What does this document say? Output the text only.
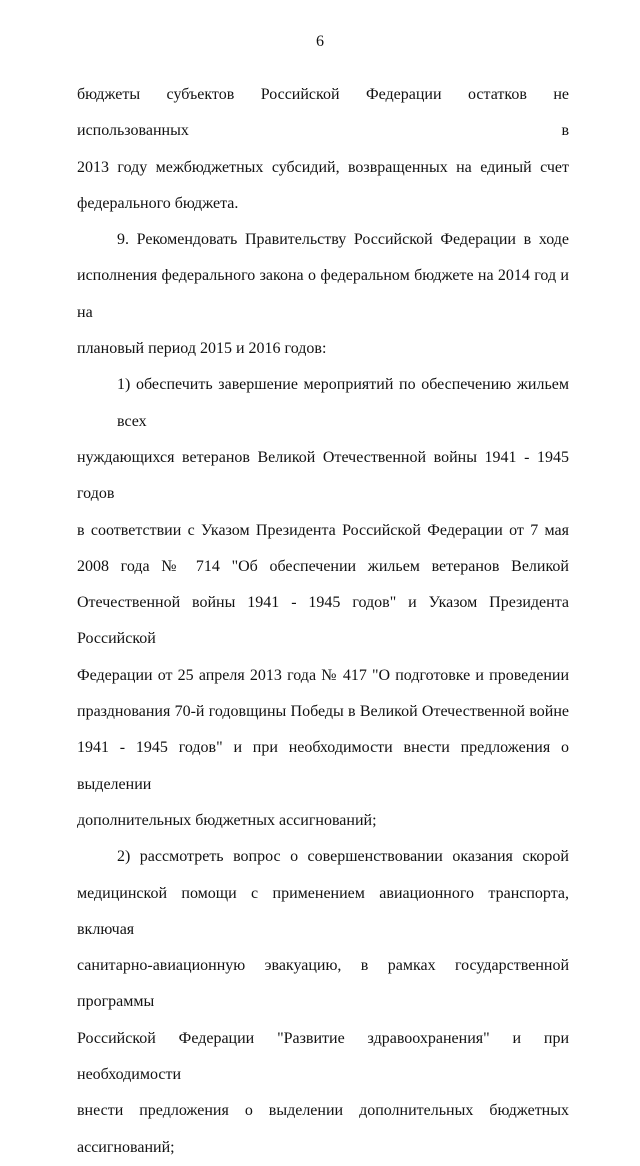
6
бюджеты субъектов Российской Федерации остатков не использованных в
2013 году межбюджетных субсидий, возвращенных на единый счет
федерального бюджета.
9. Рекомендовать Правительству Российской Федерации в ходе
исполнения федерального закона о федеральном бюджете на 2014 год и на
плановый период 2015 и 2016 годов:
1) обеспечить завершение мероприятий по обеспечению жильем всех
нуждающихся ветеранов Великой Отечественной войны 1941 - 1945 годов
в соответствии с Указом Президента Российской Федерации от 7 мая
2008 года № 714 "Об обеспечении жильем ветеранов Великой
Отечественной войны 1941 - 1945 годов" и Указом Президента Российской
Федерации от 25 апреля 2013 года № 417 "О подготовке и проведении
празднования 70-й годовщины Победы в Великой Отечественной войне
1941 - 1945 годов" и при необходимости внести предложения о выделении
дополнительных бюджетных ассигнований;
2) рассмотреть вопрос о совершенствовании оказания скорой
медицинской помощи с применением авиационного транспорта, включая
санитарно-авиационную эвакуацию, в рамках государственной программы
Российской Федерации "Развитие здравоохранения" и при необходимости
внести предложения о выделении дополнительных бюджетных
ассигнований;
